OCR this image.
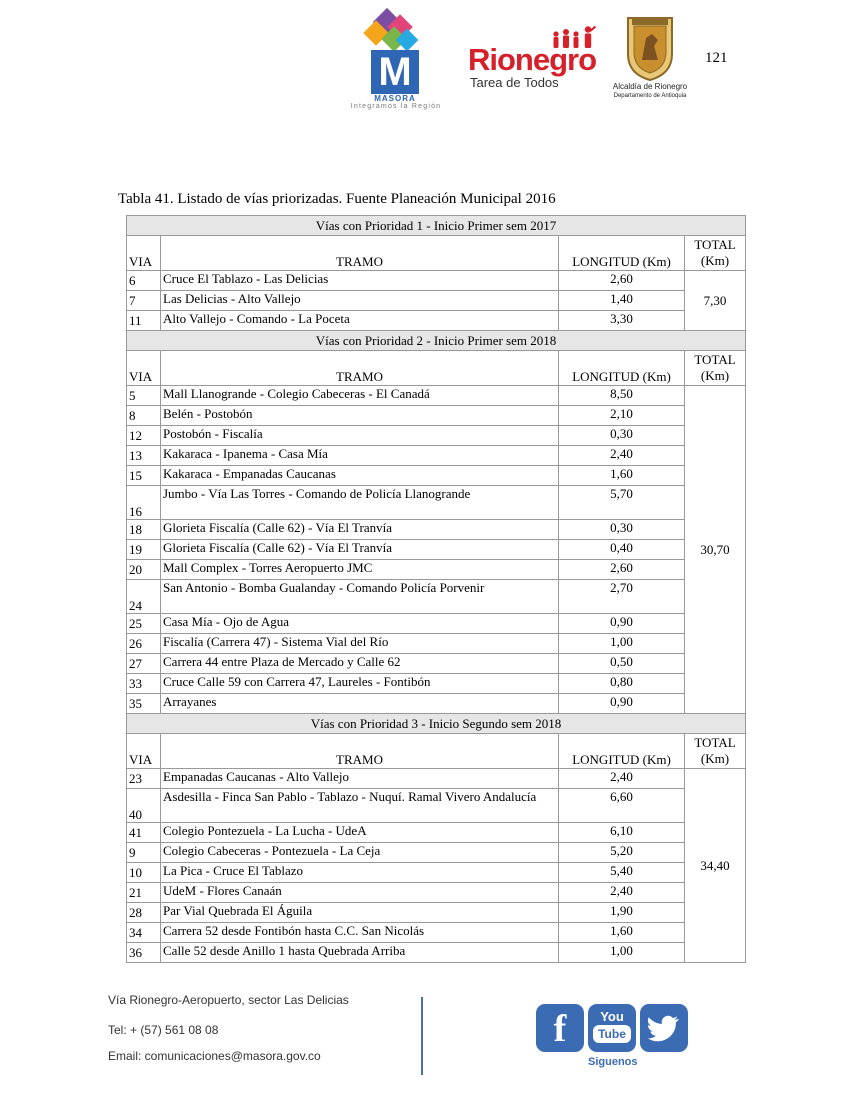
M
MASORA
Integramos la Región
Rionegro
Tarea de Todos	Alcaldía de Rionegro
Departamento de Antioquia
121
Tabla 41. Listado de vías priorizadas. Fuente Planeación Municipal 2016
Vías con Prioridad 1 - Inicio Primer sem 2017			
VIA	TRAMO	LONGITUD (Km)	TOTAL
(Km)
6	Cruce El Tablazo - Las Delicias	2,60	7,30
7	Las Delicias - Alto Vallejo	1,40	
11	Alto Vallejo - Comando - La Poceta	3,30	
Vías con Prioridad 2 - Inicio Primer sem 2018			
VIA	TRAMO	LONGITUD (Km)	TOTAL
(Km)
5	Mall Llanogrande - Colegio Cabeceras - El Canadá	8,50	30,70
8	Belén - Postobón	2,10	
12	Postobón - Fiscalía	0,30	
13	Kakaraca - Ipanema - Casa Mía	2,40	
15	Kakaraca - Empanadas Caucanas	1,60	
16	Jumbo - Vía Las Torres - Comando de Policía Llanogrande	5,70	
18	Glorieta Fiscalía (Calle 62) - Vía El Tranvía	0,30	
19	Glorieta Fiscalía (Calle 62) - Vía El Tranvía	0,40	
20	Mall Complex - Torres Aeropuerto JMC	2,60	
24	San Antonio - Bomba Gualanday - Comando Policía Porvenir	2,70	
25	Casa Mía - Ojo de Agua	0,90	
26	Fiscalía (Carrera 47) - Sistema Vial del Río	1,00	
27	Carrera 44 entre Plaza de Mercado y Calle 62	0,50	
33	Cruce Calle 59 con Carrera 47, Laureles - Fontibón	0,80	
35	Arrayanes	0,90	
Vías con Prioridad 3 - Inicio Segundo sem 2018			
VIA	TRAMO	LONGITUD (Km)	TOTAL
(Km)
23	Empanadas Caucanas - Alto Vallejo	2,40	34,40
40	Asdesilla - Finca San Pablo - Tablazo - Nuquí. Ramal Vivero Andalucía	6,60	
41	Colegio Pontezuela - La Lucha - UdeA	6,10	
9	Colegio Cabeceras - Pontezuela - La Ceja	5,20	
10	La Pica - Cruce El Tablazo	5,40	
21	UdeM - Flores Canaán	2,40	
28	Par Vial Quebrada El Águila	1,90	
34	Carrera 52 desde Fontibón hasta C.C. San Nicolás	1,60	
36	Calle 52 desde Anillo 1 hasta Quebrada Arriba	1,00	
Vía Rionegro-Aeropuerto, sector Las Delicias
Tel: + (57) 561 08 08
Email: comunicaciones@masora.gov.co
f	You
Tube
Siguenos
